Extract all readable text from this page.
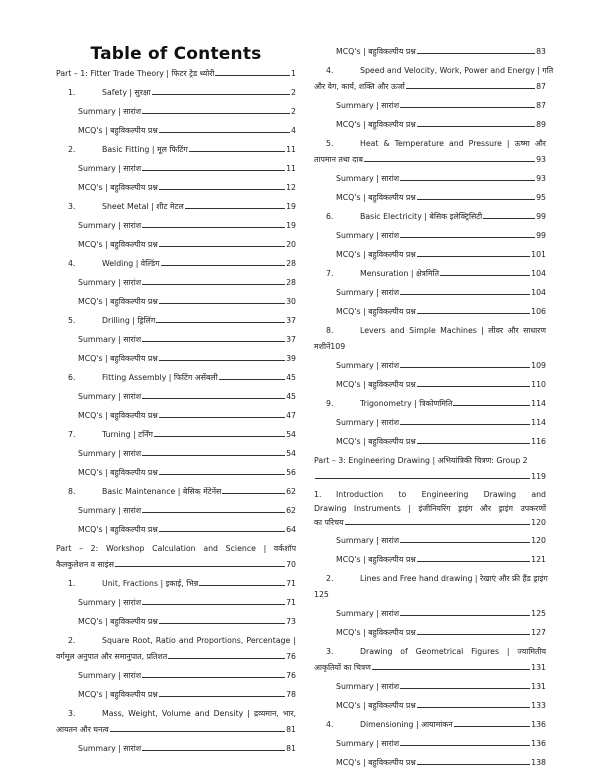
Table of Contents
Part – 1: Fitter Trade Theory | फिटर ट्रेड थ्योरी	1
1.	Safety | सुरक्षा	2
Summary | सारांश	2
MCQ's | बहुविकल्पीय प्रश्न	4
2.	Basic Fitting | मूल फिटिंग	11
Summary | सारांश	11
MCQ's | बहुविकल्पीय प्रश्न	12
3.	Sheet Metal | शीट मेटल	19
Summary | सारांश	19
MCQ's | बहुविकल्पीय प्रश्न	20
4.	Welding | वेल्डिंग	28
Summary | सारांश	28
MCQ's | बहुविकल्पीय प्रश्न	30
5.	Drilling | ड्रिलिंग	37
Summary | सारांश	37
MCQ's | बहुविकल्पीय प्रश्न	39
6.	Fitting Assembly | फिटिंग असेंबली	45
Summary | सारांश	45
MCQ's | बहुविकल्पीय प्रश्न	47
7.	Turning | टर्निंग	54
Summary | सारांश	54
MCQ's | बहुविकल्पीय प्रश्न	56
8.	Basic Maintenance | बेसिक मेंटेनेंस	62
Summary | सारांश	62
MCQ's | बहुविकल्पीय प्रश्न	64
Part – 2: Workshop Calculation and Science | वर्कशॉप
कैलकुलेशन व साइंस	70
1.	Unit, Fractions | इकाई, भिन्न	71
Summary | सारांश	71
MCQ's | बहुविकल्पीय प्रश्न	73
2.	Square Root, Ratio and Proportions, Percentage |
वर्गमूल अनुपात और समानुपात, प्रतिशत	76
Summary | सारांश	76
MCQ's | बहुविकल्पीय प्रश्न	78
3.	Mass, Weight, Volume and Density | द्रव्यमान, भार,
आयतन और घनत्व	81
Summary | सारांश	81
MCQ's | बहुविकल्पीय प्रश्न	83
4.	Speed and Velocity, Work, Power and Energy | गति
और वेग, कार्य, शक्ति और ऊर्जा	87
Summary | सारांश	87
MCQ's | बहुविकल्पीय प्रश्न	89
5.	Heat & Temperature and Pressure | ऊष्मा और
तापमान तथा दाब	93
Summary | सारांश	93
MCQ's | बहुविकल्पीय प्रश्न	95
6.	Basic Electricity | बेसिक इलेक्ट्रिसिटी	99
Summary | सारांश	99
MCQ's | बहुविकल्पीय प्रश्न	101
7.	Mensuration | क्षेत्रमिति	104
Summary | सारांश	104
MCQ's | बहुविकल्पीय प्रश्न	106
8.	Levers and Simple Machines | लीवर और साधारण
मशीनें109
Summary | सारांश	109
MCQ's | बहुविकल्पीय प्रश्न	110
9.	Trigonometry | त्रिकोणमिति	114
Summary | सारांश	114
MCQ's | बहुविकल्पीय प्रश्न	116
Part – 3: Engineering Drawing | अभियांत्रिकी चित्रण: Group 2
119
1.	Introduction to Engineering Drawing and
Drawing Instruments | इंजीनियरिंग ड्राइंग और ड्राइंग उपकरणों
का परिचय	120
Summary | सारांश	120
MCQ's | बहुविकल्पीय प्रश्न	121
2.	Lines and Free hand drawing | रेखाएं और फ्री हैंड ड्राइंग
125
Summary | सारांश	125
MCQ's | बहुविकल्पीय प्रश्न	127
3.	Drawing of Geometrical Figures | ज्यामितीय
आकृतियों का चित्रण	131
Summary | सारांश	131
MCQ's | बहुविकल्पीय प्रश्न	133
4.	Dimensioning | आयामांकन	136
Summary | सारांश	136
MCQ's | बहुविकल्पीय प्रश्न	138
